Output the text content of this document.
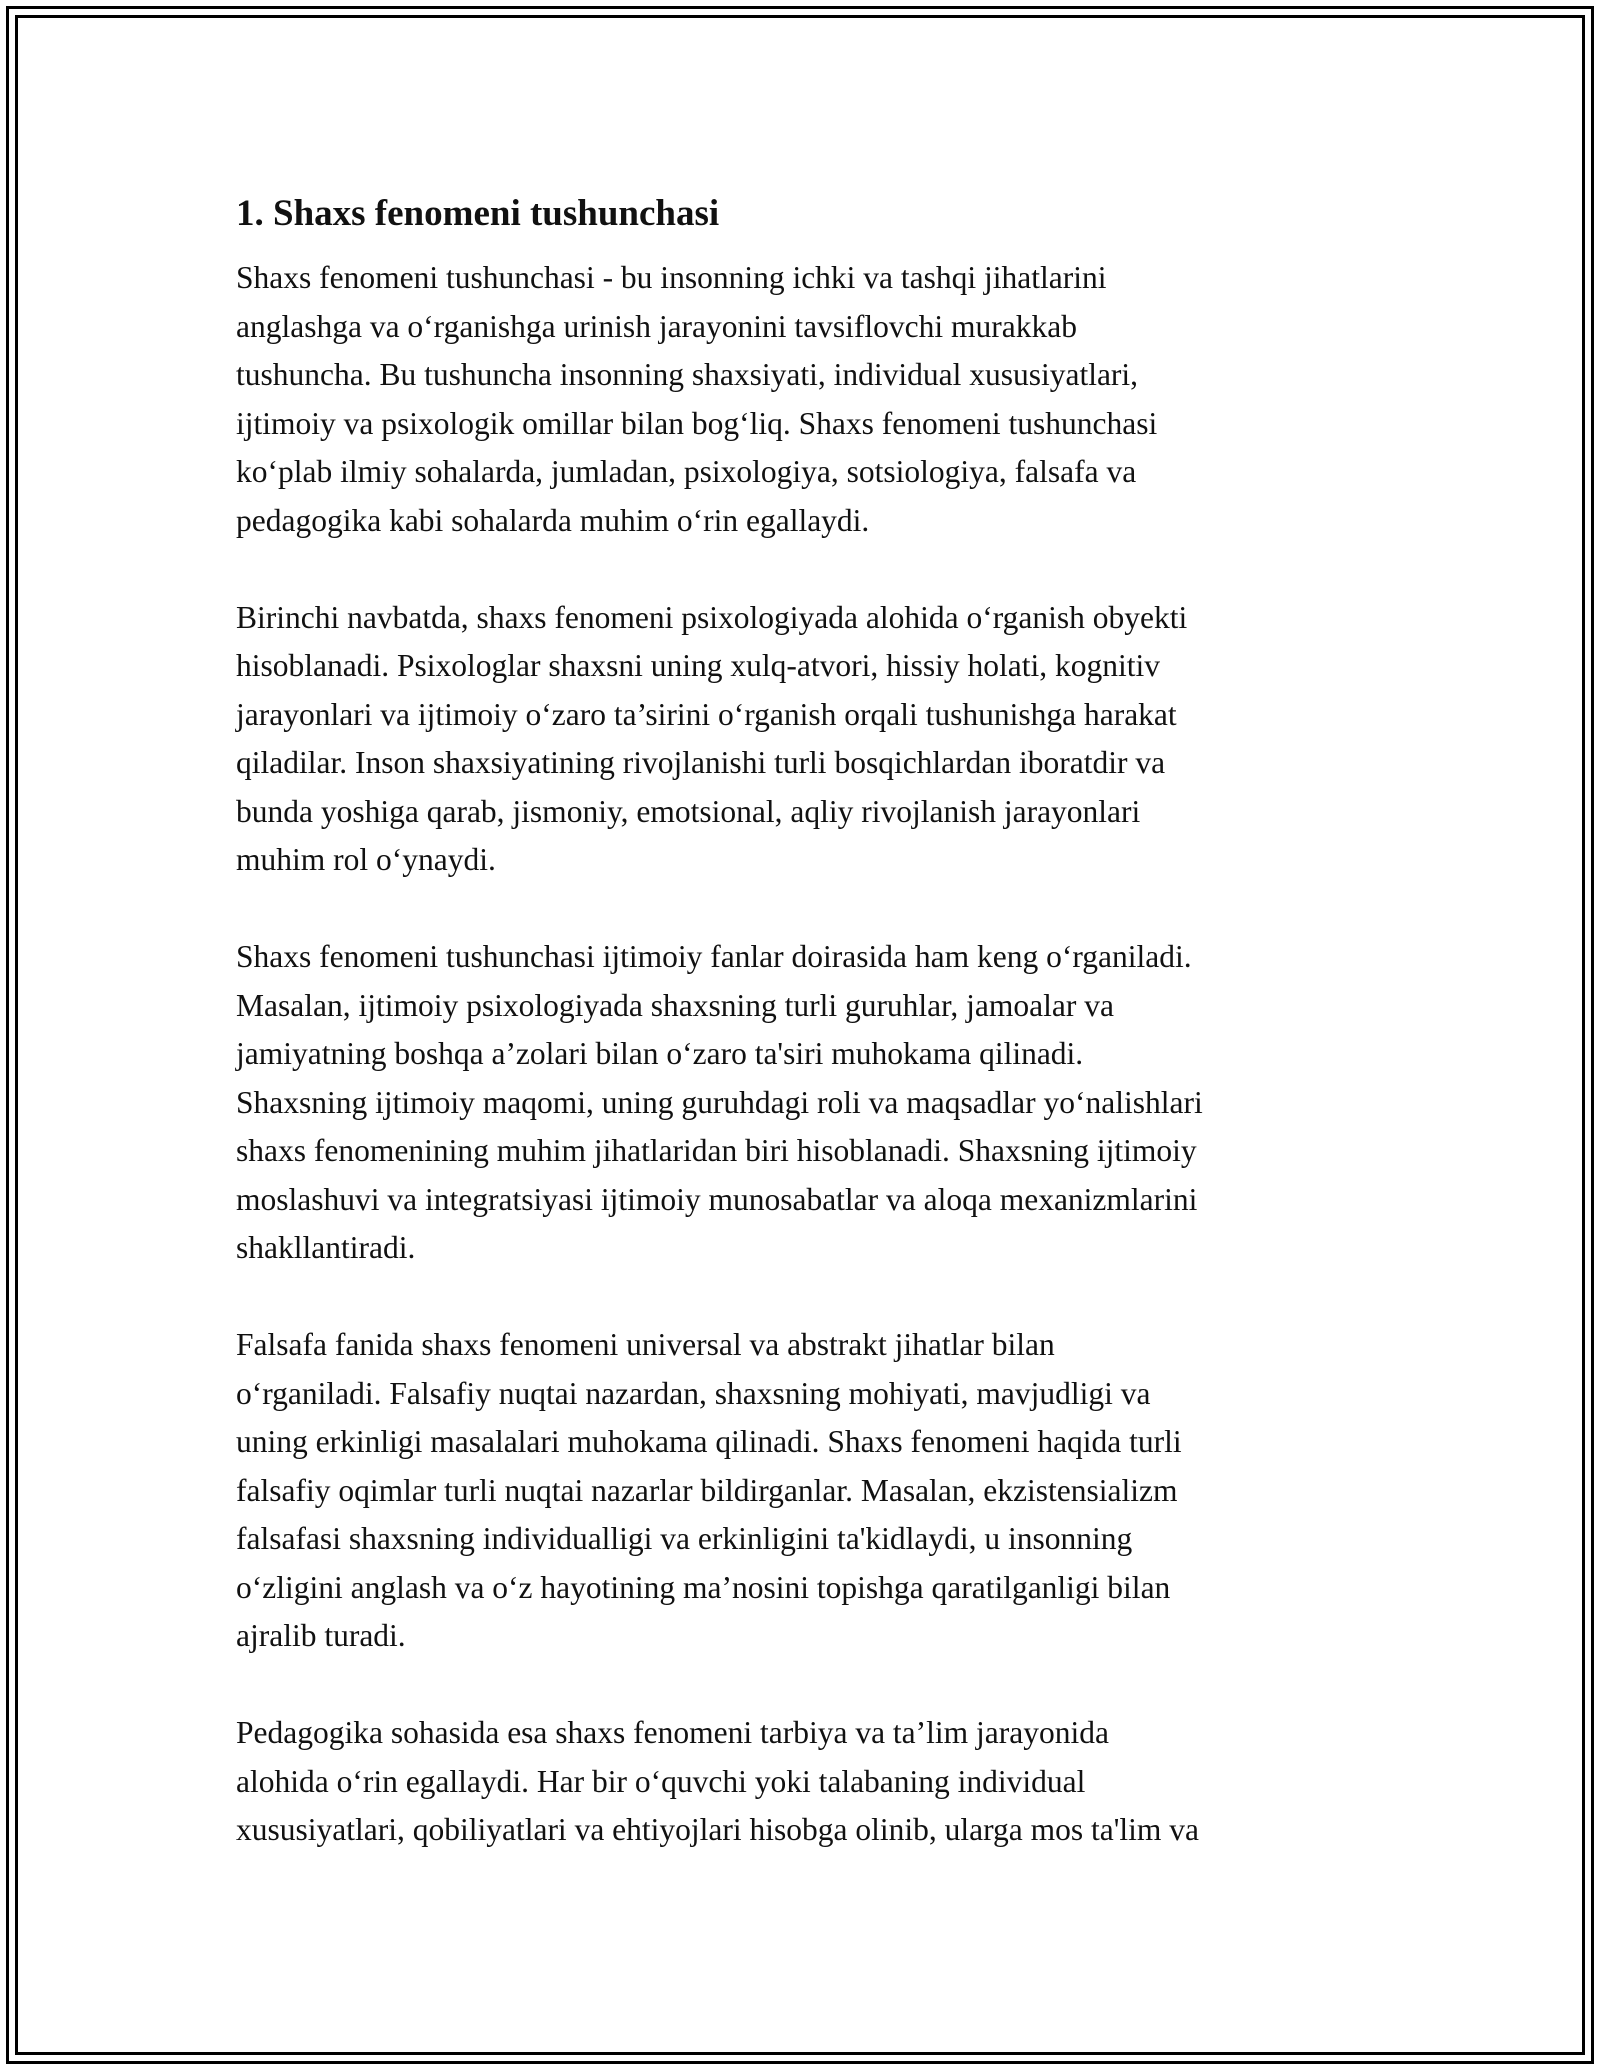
1. Shaxs fenomeni tushunchasi

Shaxs fenomeni tushunchasi - bu insonning ichki va tashqi jihatlarini
anglashga va o‘rganishga urinish jarayonini tavsiflovchi murakkab
tushuncha. Bu tushuncha insonning shaxsiyati, individual xususiyatlari,
ijtimoiy va psixologik omillar bilan bog‘liq. Shaxs fenomeni tushunchasi
ko‘plab ilmiy sohalarda, jumladan, psixologiya, sotsiologiya, falsafa va
pedagogika kabi sohalarda muhim o‘rin egallaydi.

Birinchi navbatda, shaxs fenomeni psixologiyada alohida o‘rganish obyekti
hisoblanadi. Psixologlar shaxsni uning xulq-atvori, hissiy holati, kognitiv
jarayonlari va ijtimoiy o‘zaro ta’sirini o‘rganish orqali tushunishga harakat
qiladilar. Inson shaxsiyatining rivojlanishi turli bosqichlardan iboratdir va
bunda yoshiga qarab, jismoniy, emotsional, aqliy rivojlanish jarayonlari
muhim rol o‘ynaydi.

Shaxs fenomeni tushunchasi ijtimoiy fanlar doirasida ham keng o‘rganiladi.
Masalan, ijtimoiy psixologiyada shaxsning turli guruhlar, jamoalar va
jamiyatning boshqa a’zolari bilan o‘zaro ta'siri muhokama qilinadi.
Shaxsning ijtimoiy maqomi, uning guruhdagi roli va maqsadlar yo‘nalishlari
shaxs fenomenining muhim jihatlaridan biri hisoblanadi. Shaxsning ijtimoiy
moslashuvi va integratsiyasi ijtimoiy munosabatlar va aloqa mexanizmlarini
shakllantiradi.

Falsafa fanida shaxs fenomeni universal va abstrakt jihatlar bilan
o‘rganiladi. Falsafiy nuqtai nazardan, shaxsning mohiyati, mavjudligi va
uning erkinligi masalalari muhokama qilinadi. Shaxs fenomeni haqida turli
falsafiy oqimlar turli nuqtai nazarlar bildirganlar. Masalan, ekzistensializm
falsafasi shaxsning individualligi va erkinligini ta'kidlaydi, u insonning
o‘zligini anglash va o‘z hayotining ma’nosini topishga qaratilganligi bilan
ajralib turadi.

Pedagogika sohasida esa shaxs fenomeni tarbiya va ta’lim jarayonida
alohida o‘rin egallaydi. Har bir o‘quvchi yoki talabaning individual
xususiyatlari, qobiliyatlari va ehtiyojlari hisobga olinib, ularga mos ta'lim va
